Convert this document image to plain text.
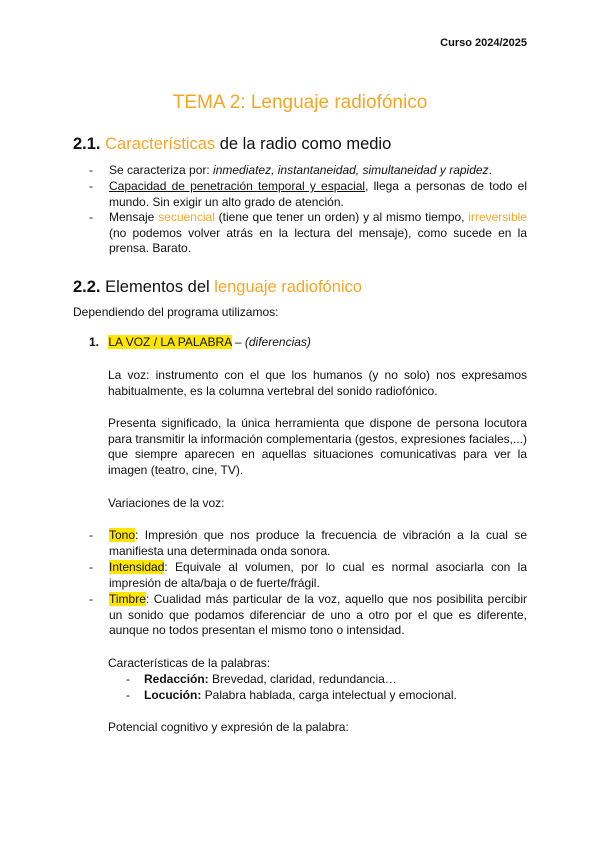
Curso 2024/2025
TEMA 2: Lenguaje radiofónico
2.1. Características de la radio como medio
- Se caracteriza por: inmediatez, instantaneidad, simultaneidad y rapidez.
- Capacidad de penetración temporal y espacial, llega a personas de todo el mundo. Sin exigir un alto grado de atención.
- Mensaje secuencial (tiene que tener un orden) y al mismo tiempo, irreversible (no podemos volver atrás en la lectura del mensaje), como sucede en la prensa. Barato.
2.2. Elementos del lenguaje radiofónico
Dependiendo del programa utilizamos:
1. LA VOZ / LA PALABRA – (diferencias)

La voz: instrumento con el que los humanos (y no solo) nos expresamos habitualmente, es la columna vertebral del sonido radiofónico.

Presenta significado, la única herramienta que dispone de persona locutora para transmitir la información complementaria (gestos, expresiones faciales,...) que siempre aparecen en aquellas situaciones comunicativas para ver la imagen (teatro, cine, TV).

Variaciones de la voz:
- Tono: Impresión que nos produce la frecuencia de vibración a la cual se manifiesta una determinada onda sonora.
- Intensidad: Equivale al volumen, por lo cual es normal asociarla con la impresión de alta/baja o de fuerte/frágil.
- Timbre: Cualidad más particular de la voz, aquello que nos posibilita percibir un sonido que podamos diferenciar de uno a otro por el que es diferente, aunque no todos presentan el mismo tono o intensidad.
Características de la palabras:
- Redacción: Brevedad, claridad, redundancia…
- Locución: Palabra hablada, carga intelectual y emocional.
Potencial cognitivo y expresión de la palabra:
